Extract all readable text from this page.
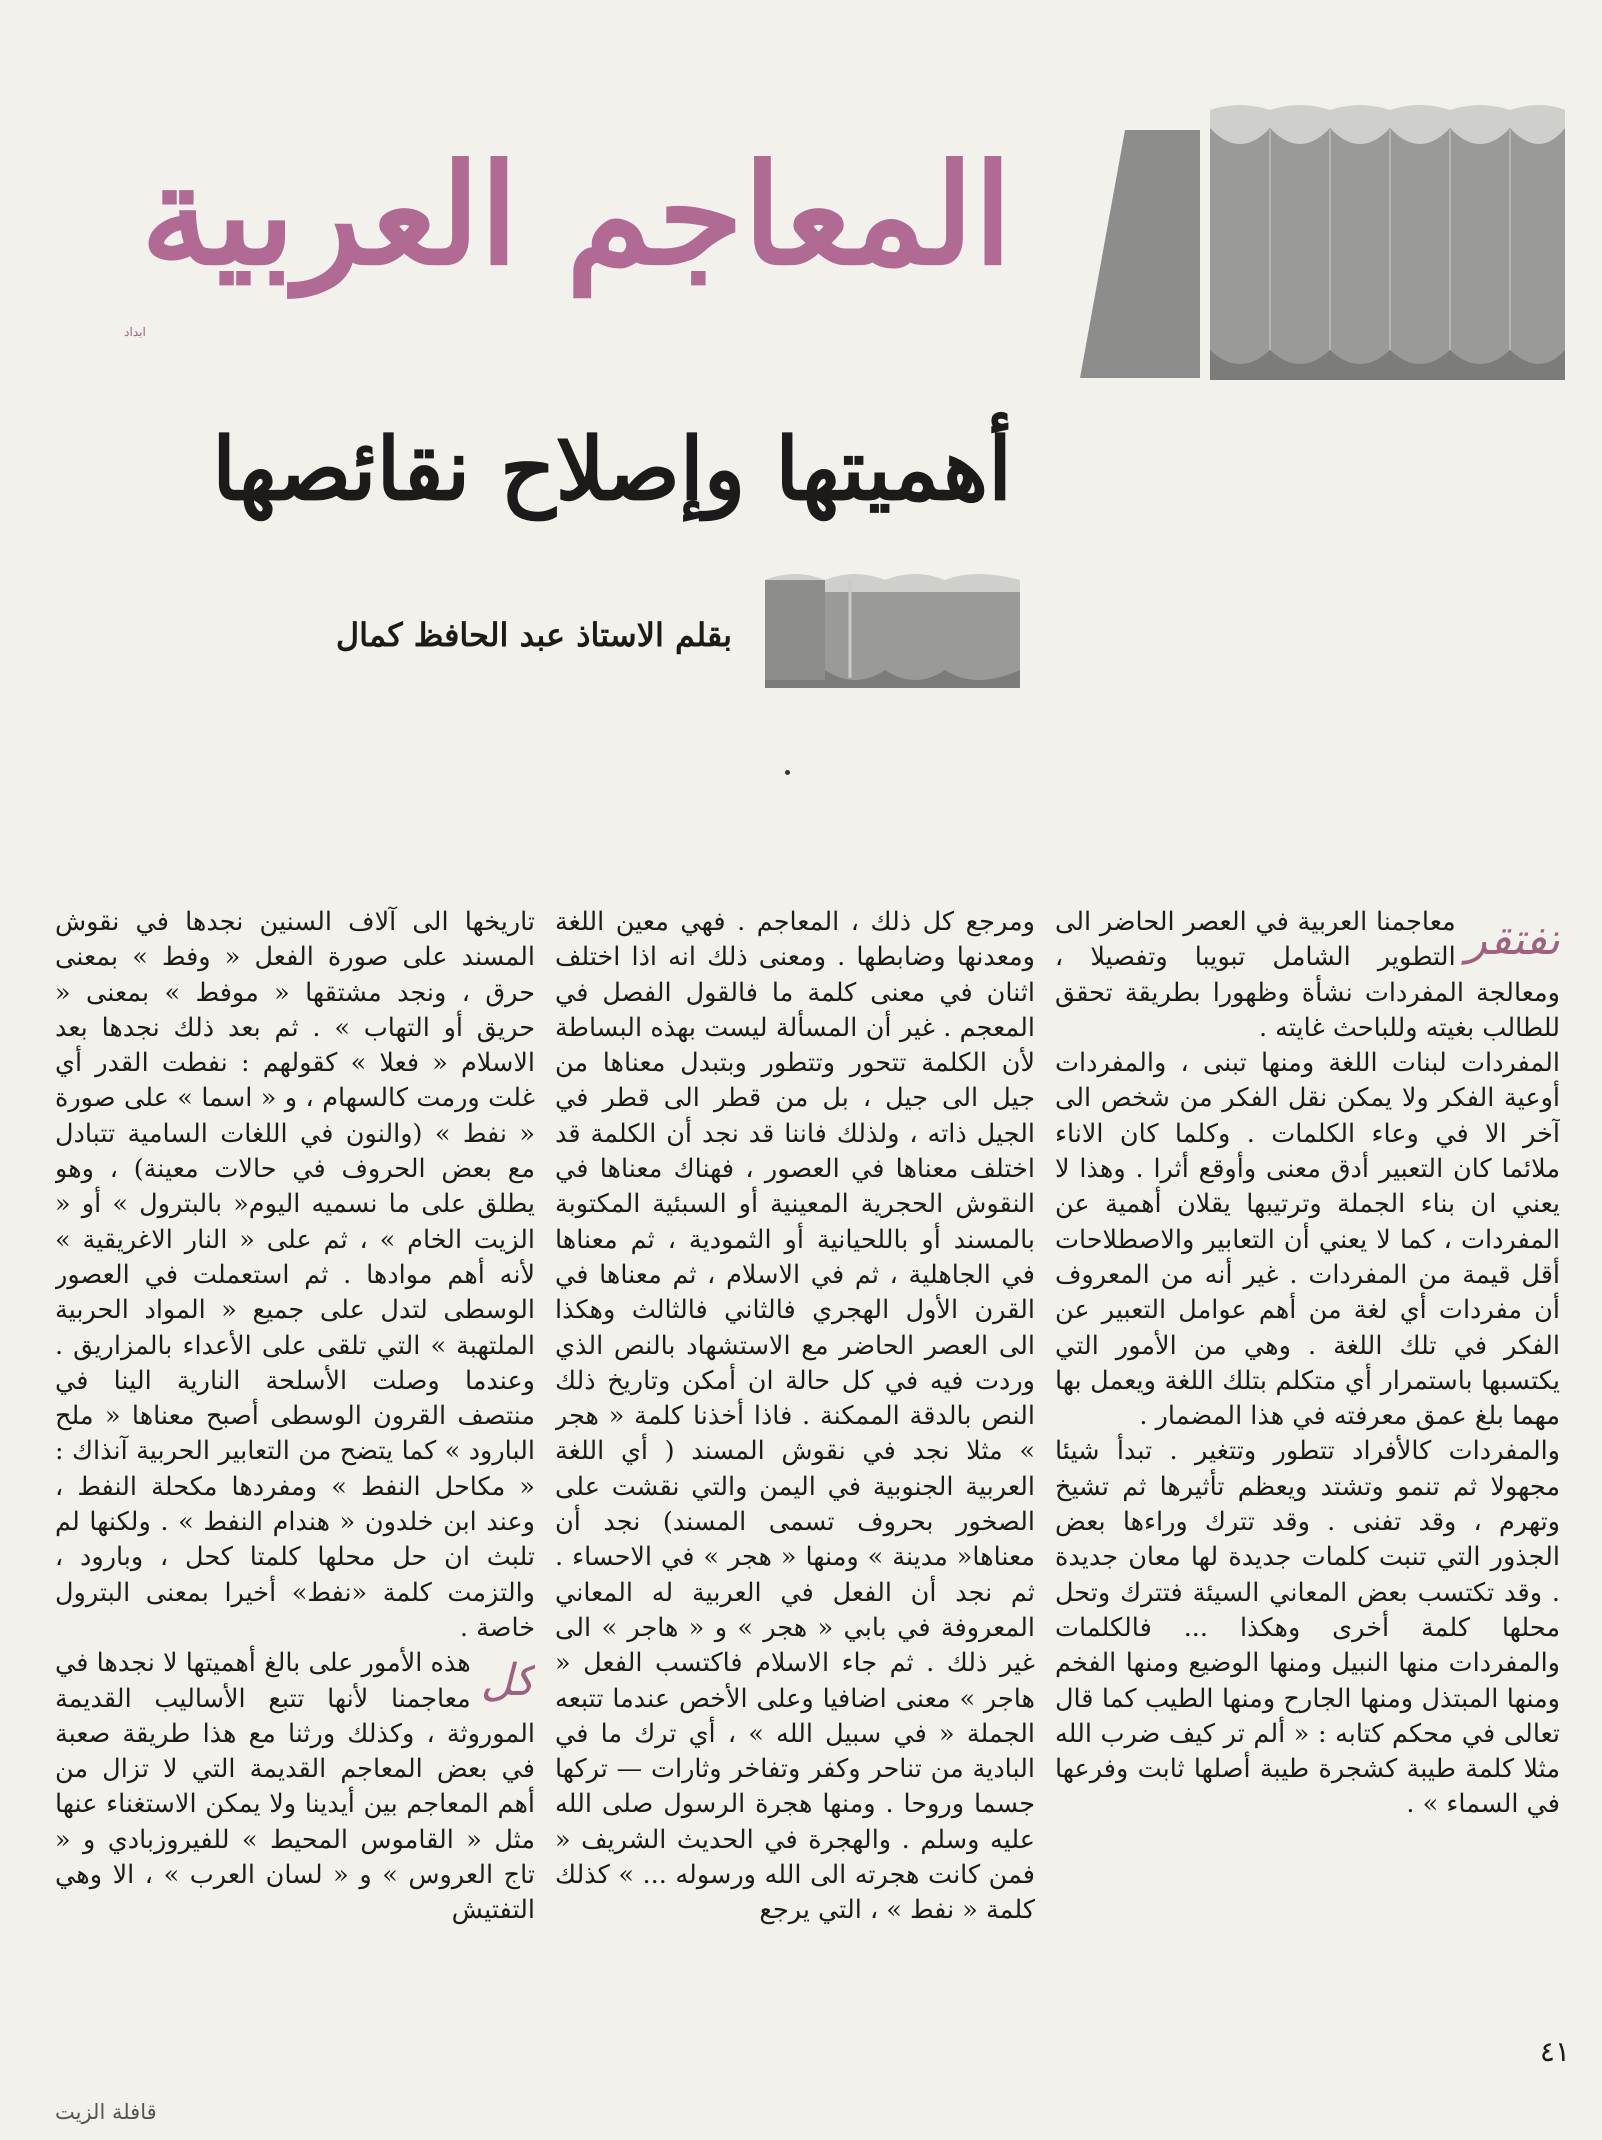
المعاجم العربية
ابداد
أهميتها وإصلاح نقائصها
بقلم الاستاذ عبد الحافظ كمال
تفتقر

معاجمنا العربية في العصر الحاضر الى التطوير الشامل تبويبا وتفصيلا ، ومعالجة المفردات نشأة وظهورا بطريقة تحقق للطالب بغيته وللباحث غايته .

المفردات لبنات اللغة ومنها تبنى ، والمفردات أوعية الفكر ولا يمكن نقل الفكر من شخص الى آخر الا في وعاء الكلمات . وكلما كان الاناء ملائما كان التعبير أدق معنى وأوقع أثرا . وهذا لا يعني ان بناء الجملة وترتيبها يقلان أهمية عن المفردات ، كما لا يعني أن التعابير والاصطلاحات أقل قيمة من المفردات . غير أنه من المعروف أن مفردات أي لغة من أهم عوامل التعبير عن الفكر في تلك اللغة . وهي من الأمور التي يكتسبها باستمرار أي متكلم بتلك اللغة ويعمل بها مهما بلغ عمق معرفته في هذا المضمار .

والمفردات كالأفراد تتطور وتتغير . تبدأ شيئا مجهولا ثم تنمو وتشتد ويعظم تأثيرها ثم تشيخ وتهرم ، وقد تفنى . وقد تترك وراءها بعض الجذور التي تنبت كلمات جديدة لها معان جديدة . وقد تكتسب بعض المعاني السيئة فتترك وتحل محلها كلمة أخرى وهكذا ... فالكلمات والمفردات منها النبيل ومنها الوضيع ومنها الفخم ومنها المبتذل ومنها الجارح ومنها الطيب كما قال تعالى في محكم كتابه : « ألم تر كيف ضرب الله مثلا كلمة طيبة كشجرة طيبة أصلها ثابت وفرعها في السماء » .

ومرجع كل ذلك ، المعاجم . فهي معين اللغة ومعدنها وضابطها . ومعنى ذلك انه اذا اختلف اثنان في معنى كلمة ما فالقول الفصل في المعجم . غير أن المسألة ليست بهذه البساطة لأن الكلمة تتحور وتتطور وبتبدل معناها من جيل الى جيل ، بل من قطر الى قطر في الجيل ذاته ، ولذلك فاننا قد نجد أن الكلمة قد اختلف معناها في العصور ، فهناك معناها في النقوش الحجرية المعينية أو السبئية المكتوبة بالمسند أو باللحيانية أو الثمودية ، ثم معناها في الجاهلية ، ثم في الاسلام ، ثم معناها في القرن الأول الهجري فالثاني فالثالث وهكذا الى العصر الحاضر مع الاستشهاد بالنص الذي وردت فيه في كل حالة ان أمكن وتاريخ ذلك النص بالدقة الممكنة . فاذا أخذنا كلمة « هجر » مثلا نجد في نقوش المسند ( أي اللغة العربية الجنوبية في اليمن والتي نقشت على الصخور بحروف تسمى المسند) نجد أن معناها« مدينة » ومنها « هجر » في الاحساء . ثم نجد أن الفعل في العربية له المعاني المعروفة في بابي « هجر » و « هاجر » الى غير ذلك . ثم جاء الاسلام فاكتسب الفعل « هاجر » معنى اضافيا وعلى الأخص عندما تتبعه الجملة « في سبيل الله » ، أي ترك ما في البادية من تناحر وكفر وتفاخر وثارات — تركها جسما وروحا . ومنها هجرة الرسول صلى الله عليه وسلم . والهجرة في الحديث الشريف « فمن كانت هجرته الى الله ورسوله ... » كذلك كلمة « نفط » ، التي يرجع

تاريخها الى آلاف السنين نجدها في نقوش المسند على صورة الفعل « وفط » بمعنى حرق ، ونجد مشتقها « موفط » بمعنى « حريق أو التهاب » . ثم بعد ذلك نجدها بعد الاسلام « فعلا » كقولهم : نفطت القدر أي غلت ورمت كالسهام ، و « اسما » على صورة « نفط » (والنون في اللغات السامية تتبادل مع بعض الحروف في حالات معينة) ، وهو يطلق على ما نسميه اليوم« بالبترول » أو « الزيت الخام » ، ثم على « النار الاغريقية » لأنه أهم موادها . ثم استعملت في العصور الوسطى لتدل على جميع « المواد الحربية الملتهبة » التي تلقى على الأعداء بالمزاريق . وعندما وصلت الأسلحة النارية الينا في منتصف القرون الوسطى أصبح معناها « ملح البارود » كما يتضح من التعابير الحربية آنذاك : « مكاحل النفط » ومفردها مكحلة النفط ، وعند ابن خلدون « هندام النفط » . ولكنها لم تلبث ان حل محلها كلمتا كحل ، وبارود ، والتزمت كلمة «نفط» أخيرا بمعنى البترول خاصة .

كل

هذه الأمور على بالغ أهميتها لا نجدها في معاجمنا لأنها تتبع الأساليب القديمة الموروثة ، وكذلك ورثنا مع هذا طريقة صعبة في بعض المعاجم القديمة التي لا تزال من أهم المعاجم بين أيدينا ولا يمكن الاستغناء عنها مثل « القاموس المحيط » للفيروزبادي و « تاج العروس » و « لسان العرب » ، الا وهي التفتيش

٤١
قافلة الزيت
